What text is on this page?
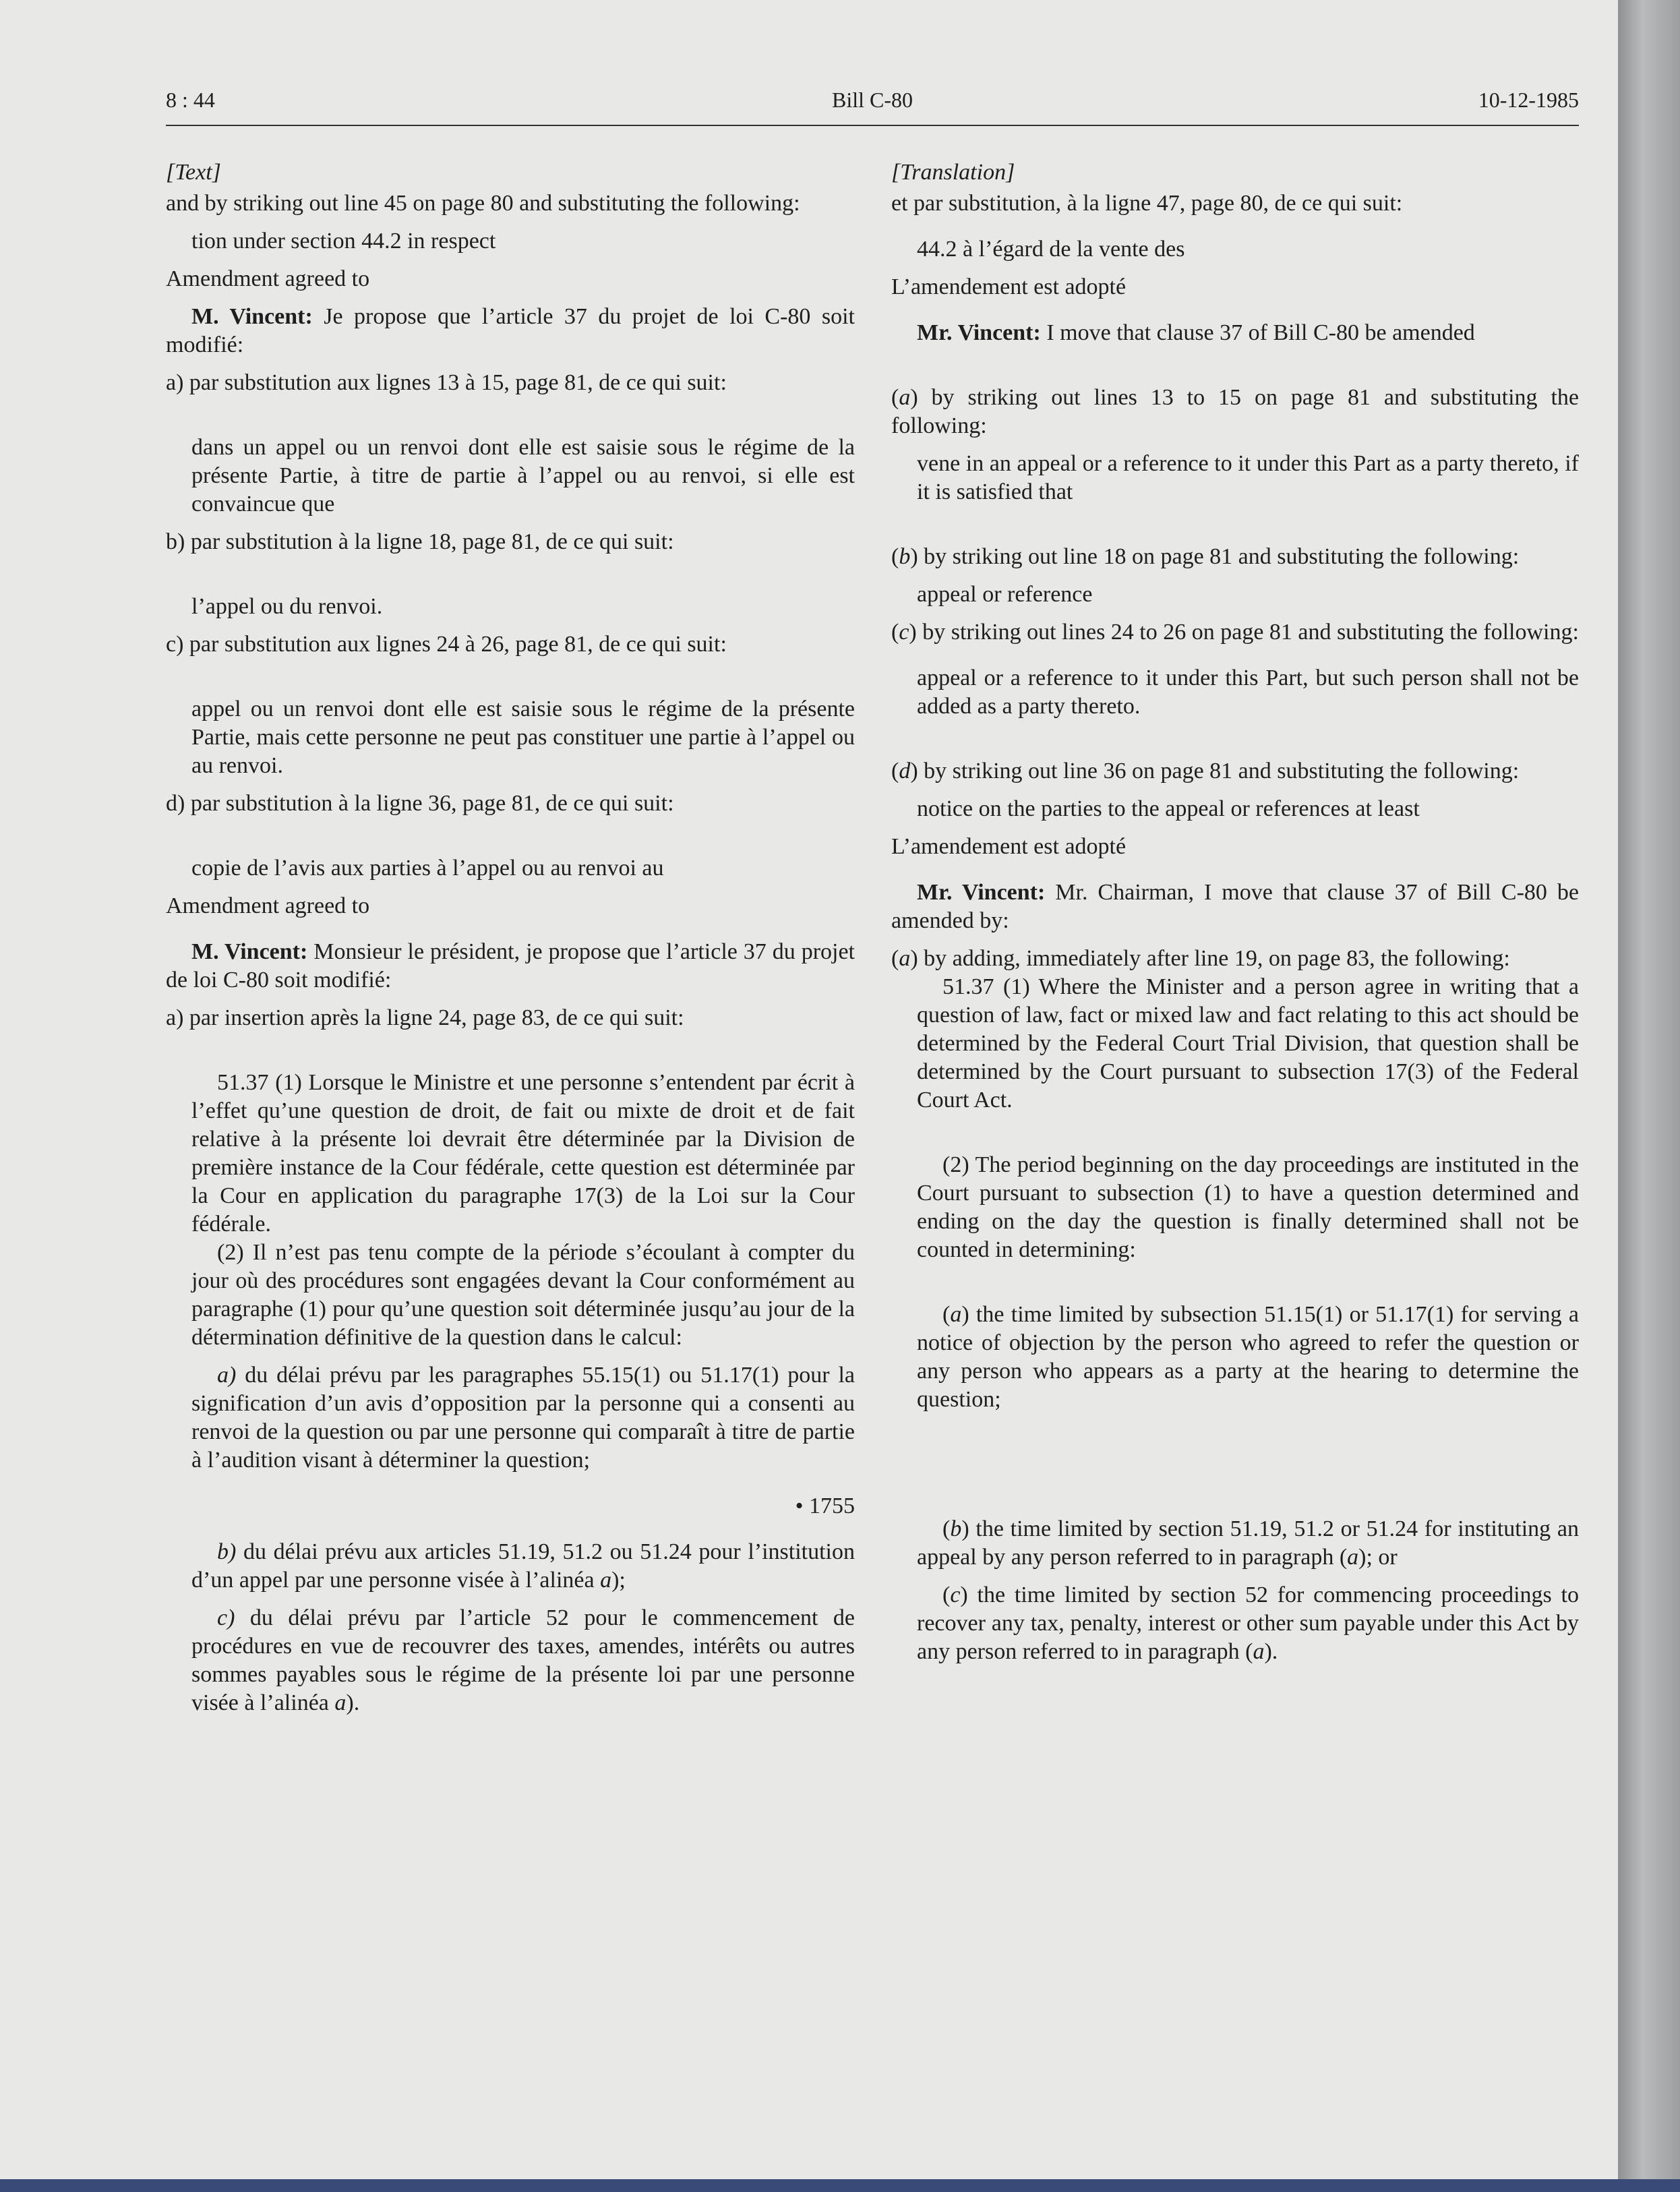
8 : 44	Bill C-80	10-12-1985

[Text]

and by striking out line 45 on page 80 and substituting the following:

tion under section 44.2 in respect

Amendment agreed to

M. Vincent: Je propose que l’article 37 du projet de loi C-80 soit modifié:

a) par substitution aux lignes 13 à 15, page 81, de ce qui suit:

dans un appel ou un renvoi dont elle est saisie sous le régime de la présente Partie, à titre de partie à l’appel ou au renvoi, si elle est convaincue que

b) par substitution à la ligne 18, page 81, de ce qui suit:

l’appel ou du renvoi.

c) par substitution aux lignes 24 à 26, page 81, de ce qui suit:

appel ou un renvoi dont elle est saisie sous le régime de la présente Partie, mais cette personne ne peut pas constituer une partie à l’appel ou au renvoi.

d) par substitution à la ligne 36, page 81, de ce qui suit:

copie de l’avis aux parties à l’appel ou au renvoi au

Amendment agreed to

M. Vincent: Monsieur le président, je propose que l’article 37 du projet de loi C-80 soit modifié:

a) par insertion après la ligne 24, page 83, de ce qui suit:

51.37 (1) Lorsque le Ministre et une personne s’entendent par écrit à l’effet qu’une question de droit, de fait ou mixte de droit et de fait relative à la présente loi devrait être déterminée par la Division de première instance de la Cour fédérale, cette question est déterminée par la Cour en application du paragraphe 17(3) de la Loi sur la Cour fédérale.

(2) Il n’est pas tenu compte de la période s’écoulant à compter du jour où des procédures sont engagées devant la Cour conformément au paragraphe (1) pour qu’une question soit déterminée jusqu’au jour de la détermination définitive de la question dans le calcul:

a) du délai prévu par les paragraphes 55.15(1) ou 51.17(1) pour la signification d’un avis d’opposition par la personne qui a consenti au renvoi de la question ou par une personne qui comparaît à titre de partie à l’audition visant à déterminer la question;

• 1755

b) du délai prévu aux articles 51.19, 51.2 ou 51.24 pour l’institution d’un appel par une personne visée à l’alinéa a);

c) du délai prévu par l’article 52 pour le commencement de procédures en vue de recouvrer des taxes, amendes, intérêts ou autres sommes payables sous le régime de la présente loi par une personne visée à l’alinéa a).

[Translation]

et par substitution, à la ligne 47, page 80, de ce qui suit:

44.2 à l’égard de la vente des

L’amendement est adopté

Mr. Vincent: I move that clause 37 of Bill C-80 be amended

(a) by striking out lines 13 to 15 on page 81 and substituting the following:

vene in an appeal or a reference to it under this Part as a party thereto, if it is satisfied that

(b) by striking out line 18 on page 81 and substituting the following:

appeal or reference

(c) by striking out lines 24 to 26 on page 81 and substituting the following:

appeal or a reference to it under this Part, but such person shall not be added as a party thereto.

(d) by striking out line 36 on page 81 and substituting the following:

notice on the parties to the appeal or references at least

L’amendement est adopté

Mr. Vincent: Mr. Chairman, I move that clause 37 of Bill C-80 be amended by:

(a) by adding, immediately after line 19, on page 83, the following:

51.37 (1) Where the Minister and a person agree in writing that a question of law, fact or mixed law and fact relating to this act should be determined by the Federal Court Trial Division, that question shall be determined by the Court pursuant to subsection 17(3) of the Federal Court Act.

(2) The period beginning on the day proceedings are instituted in the Court pursuant to subsection (1) to have a question determined and ending on the day the question is finally determined shall not be counted in determining:

(a) the time limited by subsection 51.15(1) or 51.17(1) for serving a notice of objection by the person who agreed to refer the question or any person who appears as a party at the hearing to determine the question;

(b) the time limited by section 51.19, 51.2 or 51.24 for instituting an appeal by any person referred to in paragraph (a); or

(c) the time limited by section 52 for commencing proceedings to recover any tax, penalty, interest or other sum payable under this Act by any person referred to in paragraph (a).
